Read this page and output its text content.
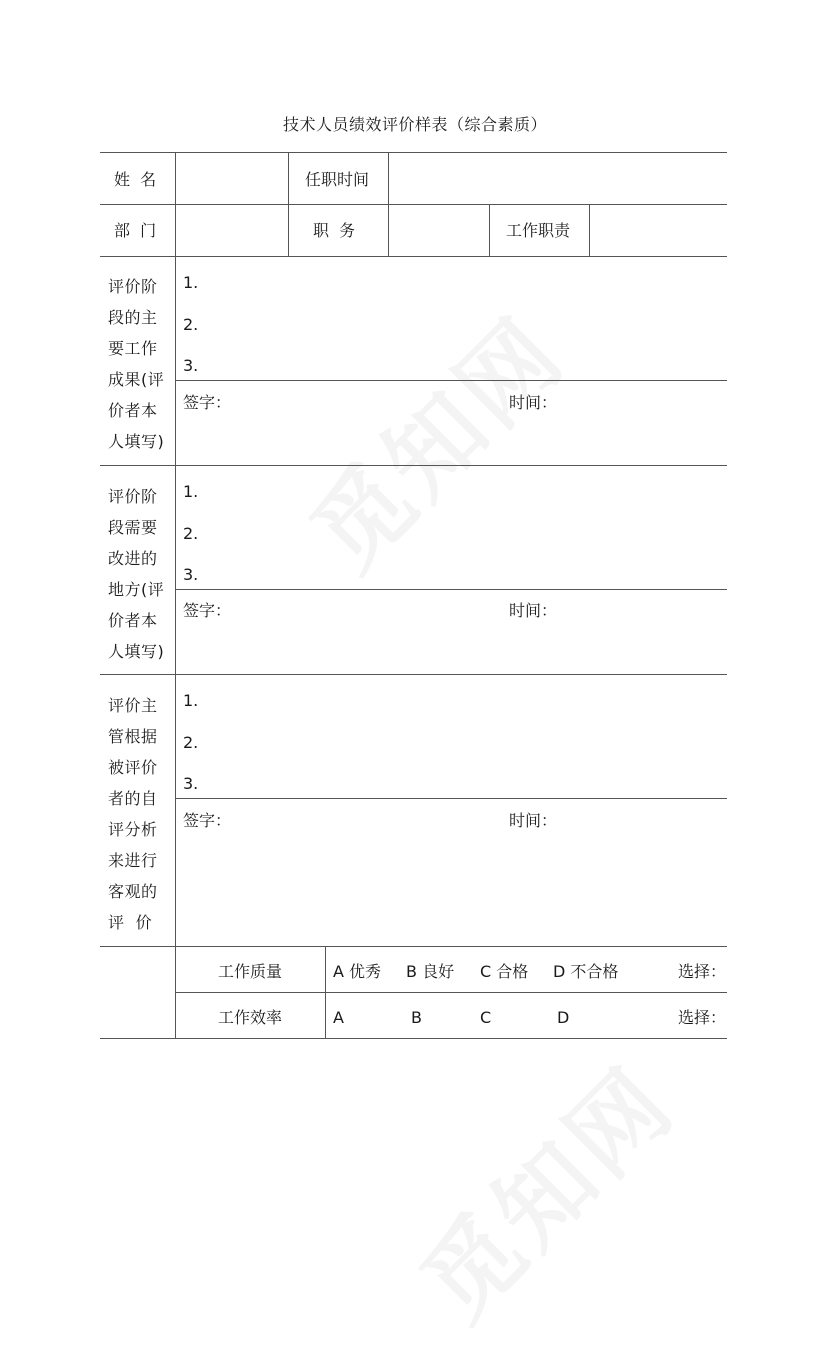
技术人员绩效评价样表（综合素质）
姓  名	任职时间
部  门	职  务	工作职责
评价阶
段的主
要工作
成果(评
价者本
人填写)
1.
2.
3.
签字：	时间：
评价阶
段需要
改进的
地方(评
价者本
人填写)
1.
2.
3.
签字：	时间：
评价主
管根据
被评价
者的自
评分析
来进行
客观的
评  价
1.
2.
3.
签字：	时间：
工作质量	A 优秀 B 良好 C 合格 D 不合格	选择：
工作效率	A	B	C	D	选择：
